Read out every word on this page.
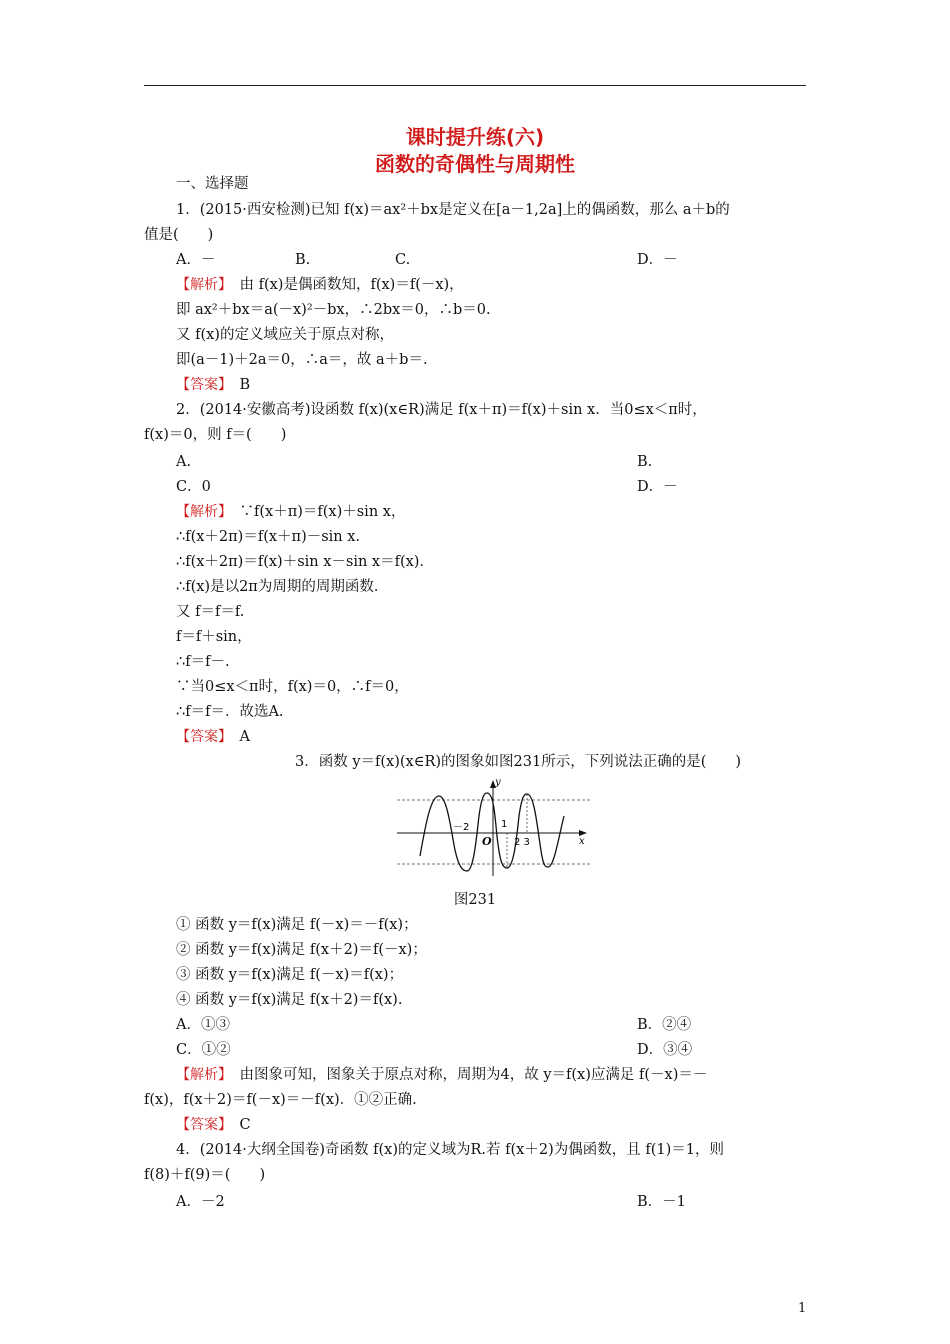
课时提升练(六)
函数的奇偶性与周期性
一、选择题
1．(2015·西安检测)已知 f(x)＝ax²＋bx是定义在[a－1,2a]上的偶函数，那么 a＋b的
值是(　　)
A．－	B.	C.	D．－
【解析】　由 f(x)是偶函数知，f(x)＝f(－x)，
即 ax²＋bx＝a(－x)²－bx，∴2bx＝0，∴b＝0.
又 f(x)的定义域应关于原点对称，
即(a－1)＋2a＝0，∴a＝，故 a＋b＝.
【答案】　B
2．(2014·安徽高考)设函数 f(x)(x∈R)满足 f(x＋π)＝f(x)＋sin x．当0≤x＜π时，
f(x)＝0，则 f＝(　　)
A.	B.
C．0	D．－
【解析】　∵f(x＋π)＝f(x)＋sin x，
∴f(x＋2π)＝f(x＋π)－sin x.
∴f(x＋2π)＝f(x)＋sin x－sin x＝f(x)．
∴f(x)是以2π为周期的周期函数．
又 f＝f＝f.
f＝f＋sin，
∴f＝f－.
∵当0≤x＜π时，f(x)＝0，∴f＝0，
∴f＝f＝．故选A.
【答案】　A
3．函数 y＝f(x)(x∈R)的图象如图231所示，下列说法正确的是(　　)
① 函数 y＝f(x)满足 f(－x)＝－f(x)；
② 函数 y＝f(x)满足 f(x＋2)＝f(－x)；
③ 函数 y＝f(x)满足 f(－x)＝f(x)；
④ 函数 y＝f(x)满足 f(x＋2)＝f(x).
A．①③	B．②④
C．①②	D．③④
【解析】　由图象可知，图象关于原点对称，周期为4，故 y＝f(x)应满足 f(－x)＝－
f(x)，f(x＋2)＝f(－x)＝－f(x)．①②正确.
【答案】　C
4．(2014·大纲全国卷)奇函数 f(x)的定义域为R.若 f(x＋2)为偶函数，且 f(1)＝1，则
f(8)＋f(9)＝(　　)
A．－2	B．－1
y
x
O
－2	1
2 3
图231
1
